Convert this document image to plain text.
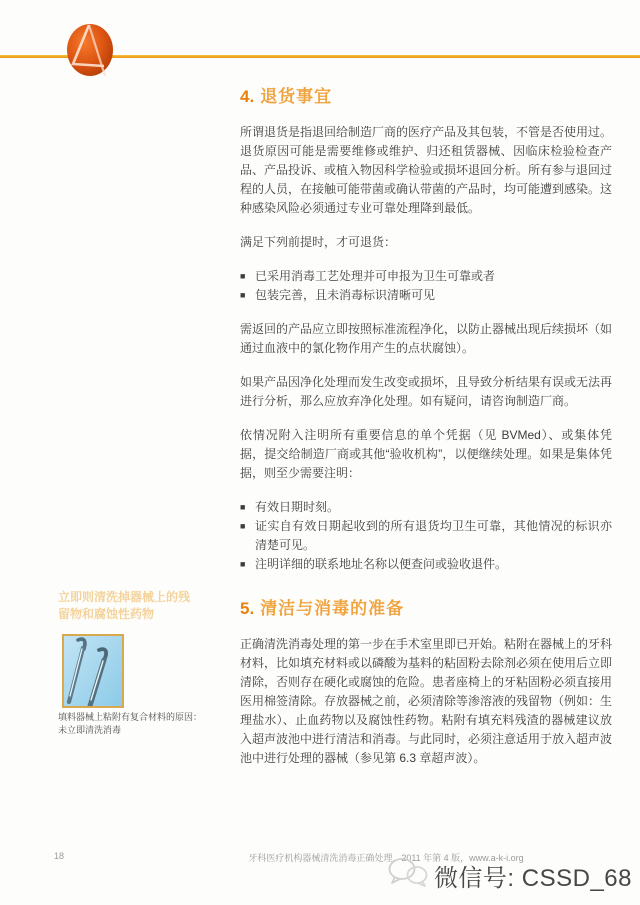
立即则清洗掉器械上的残留物和腐蚀性药物
填料器械上粘附有复合材料的原因：
未立即清洗消毒
4. 退货事宜

所谓退货是指退回给制造厂商的医疗产品及其包装，不管是否使用过。退货原因可能是需要维修或维护、归还租赁器械、因临床检验检查产品、产品投诉、或植入物因科学检验或损坏退回分析。所有参与退回过程的人员，在接触可能带菌或确认带菌的产品时，均可能遭到感染。这种感染风险必须通过专业可靠处理降到最低。

满足下列前提时，才可退货：

■ 已采用消毒工艺处理并可申报为卫生可靠或者
■ 包装完善，且未消毒标识清晰可见

需返回的产品应立即按照标准流程净化，以防止器械出现后续损坏（如通过血液中的氯化物作用产生的点状腐蚀）。

如果产品因净化处理而发生改变或损坏，且导致分析结果有误或无法再进行分析，那么应放弃净化处理。如有疑问，请咨询制造厂商。

依情况附入注明所有重要信息的单个凭据（见 BVMed）、或集体凭据，提交给制造厂商或其他“验收机构”，以便继续处理。如果是集体凭据，则至少需要注明：

■ 有效日期时刻。
■ 证实自有效日期起收到的所有退货均卫生可靠，其他情况的标识亦清楚可见。
■ 注明详细的联系地址名称以便查问或验收退件。
5. 清洁与消毒的准备

正确清洗消毒处理的第一步在手术室里即已开始。粘附在器械上的牙科材料，比如填充材料或以磷酸为基料的粘固粉去除剂必须在使用后立即清除，否则存在硬化或腐蚀的危险。患者座椅上的牙粘固粉必须直接用医用棉签清除。存放器械之前，必须清除等渗溶液的残留物（例如：生理盐水）、止血药物以及腐蚀性药物。粘附有填充料残渣的器械建议放入超声波池中进行清洁和消毒。与此同时，必须注意适用于放入超声波池中进行处理的器械（参见第 6.3 章超声波）。

18	牙科医疗机构器械清洗消毒正确处理，2011 年第 4 版，www.a-k-i.org
微信号: CSSD_68
